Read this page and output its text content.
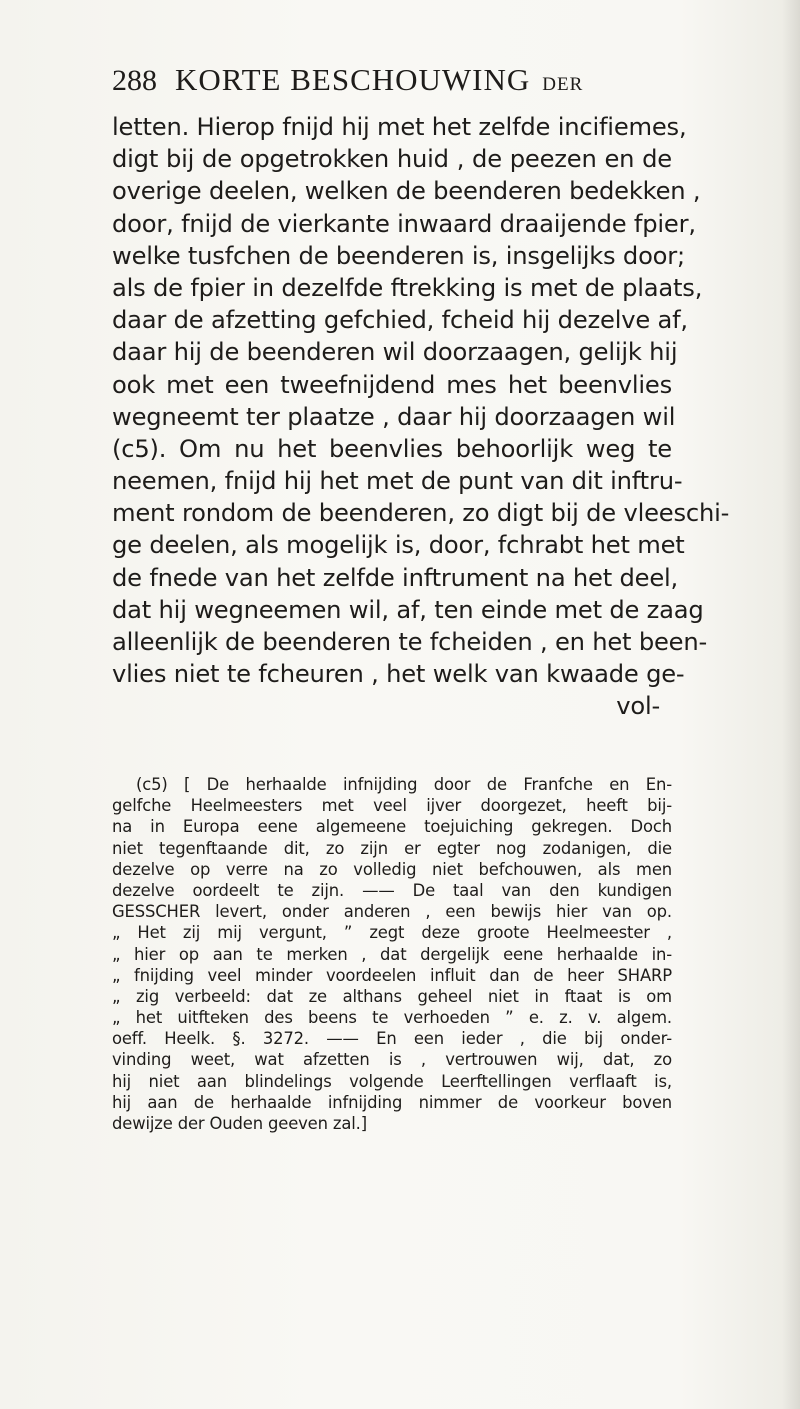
288 KORTE BESCHOUWING DER
letten. Hierop fnijd hij met het zelfde incifiemes,
digt bij de opgetrokken huid , de peezen en de
overige deelen, welken de beenderen bedekken ,
door, fnijd de vierkante inwaard draaijende fpier,
welke tusfchen de beenderen is, insgelijks door;
als de fpier in dezelfde ftrekking is met de plaats,
daar de afzetting gefchied, fcheid hij dezelve af,
daar hij de beenderen wil doorzaagen, gelijk hij
ook met een tweefnijdend mes het beenvlies
wegneemt ter plaatze , daar hij doorzaagen wil
(c5). Om nu het beenvlies behoorlijk weg te
neemen, fnijd hij het met de punt van dit inftru-
ment rondom de beenderen, zo digt bij de vleeschi-
ge deelen, als mogelijk is, door, fchrabt het met
de fnede van het zelfde inftrument na het deel,
dat hij wegneemen wil, af, ten einde met de zaag
alleenlijk de beenderen te fcheiden , en het been-
vlies niet te fcheuren , het welk van kwaade ge-
vol-
(c5) [ De herhaalde infnijding door de Franfche en En-
gelfche Heelmeesters met veel ijver doorgezet, heeft bij-
na in Europa eene algemeene toejuiching gekregen. Doch
niet tegenftaande dit, zo zijn er egter nog zodanigen, die
dezelve op verre na zo volledig niet befchouwen, als men
dezelve oordeelt te zijn. —— De taal van den kundigen
GESSCHER levert, onder anderen , een bewijs hier van op.
„ Het zij mij vergunt, ” zegt deze groote Heelmeester ,
„ hier op aan te merken , dat dergelijk eene herhaalde in-
„ fnijding veel minder voordeelen influit dan de heer SHARP
„ zig verbeeld: dat ze althans geheel niet in ftaat is om
„ het uitfteken des beens te verhoeden ” e. z. v. algem.
oeff. Heelk. §. 3272. —— En een ieder , die bij onder-
vinding weet, wat afzetten is , vertrouwen wij, dat, zo
hij niet aan blindelings volgende Leerftellingen verflaaft is,
hij aan de herhaalde infnijding nimmer de voorkeur boven
dewijze der Ouden geeven zal.]
